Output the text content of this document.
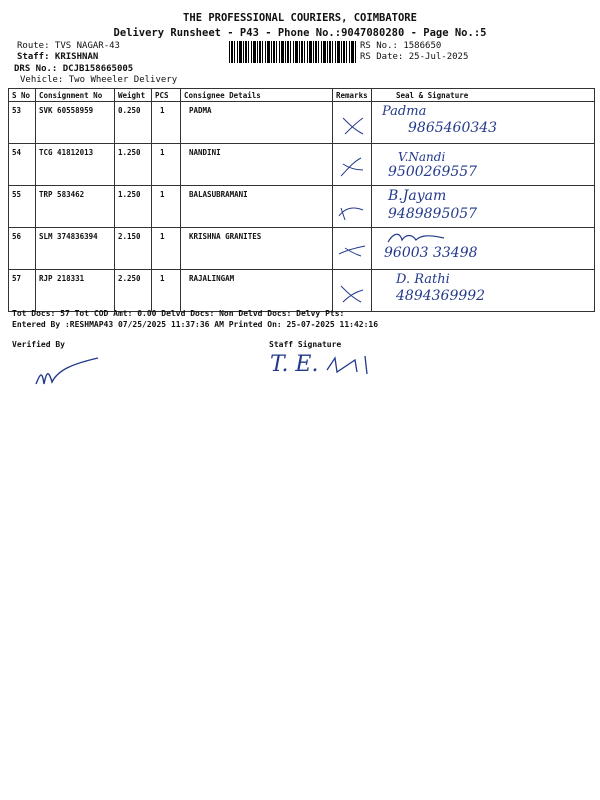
THE PROFESSIONAL COURIERS, COIMBATORE
Delivery Runsheet - P43 - Phone No.:9047080280 - Page No.:5
Route: TVS NAGAR-43
Staff: KRISHNAN
DRS No.: DCJB158665005
Vehicle: Two Wheeler Delivery
RS No.: 1586650
RS Date: 25-Jul-2025
S No	Consignment No	Weight	PCS	Consignee Details	Remarks	Seal & Signature
53	SVK 60558959	0.250	1	PADMA		Padma
9865460343

54	TCG 41812013	1.250	1	NANDINI		V.Nandi
9500269557

55	TRP 583462	1.250	1	BALASUBRAMANI		B.Jayam
9489895057

56	SLM 374836394	2.150	1	KRISHNA GRANITES		96003 33498

57	RJP 218331	2.250	1	RAJALINGAM		D. Rathi
4894369992
Tot Docs: 57 Tot COD Amt: 0.00 Delvd Docs: Non Delvd Docs: Delvy Pts:
Entered By :RESHMAP43 07/25/2025 11:37:36 AM Printed On: 25-07-2025 11:42:16
Verified By	Staff Signature
T. E.
